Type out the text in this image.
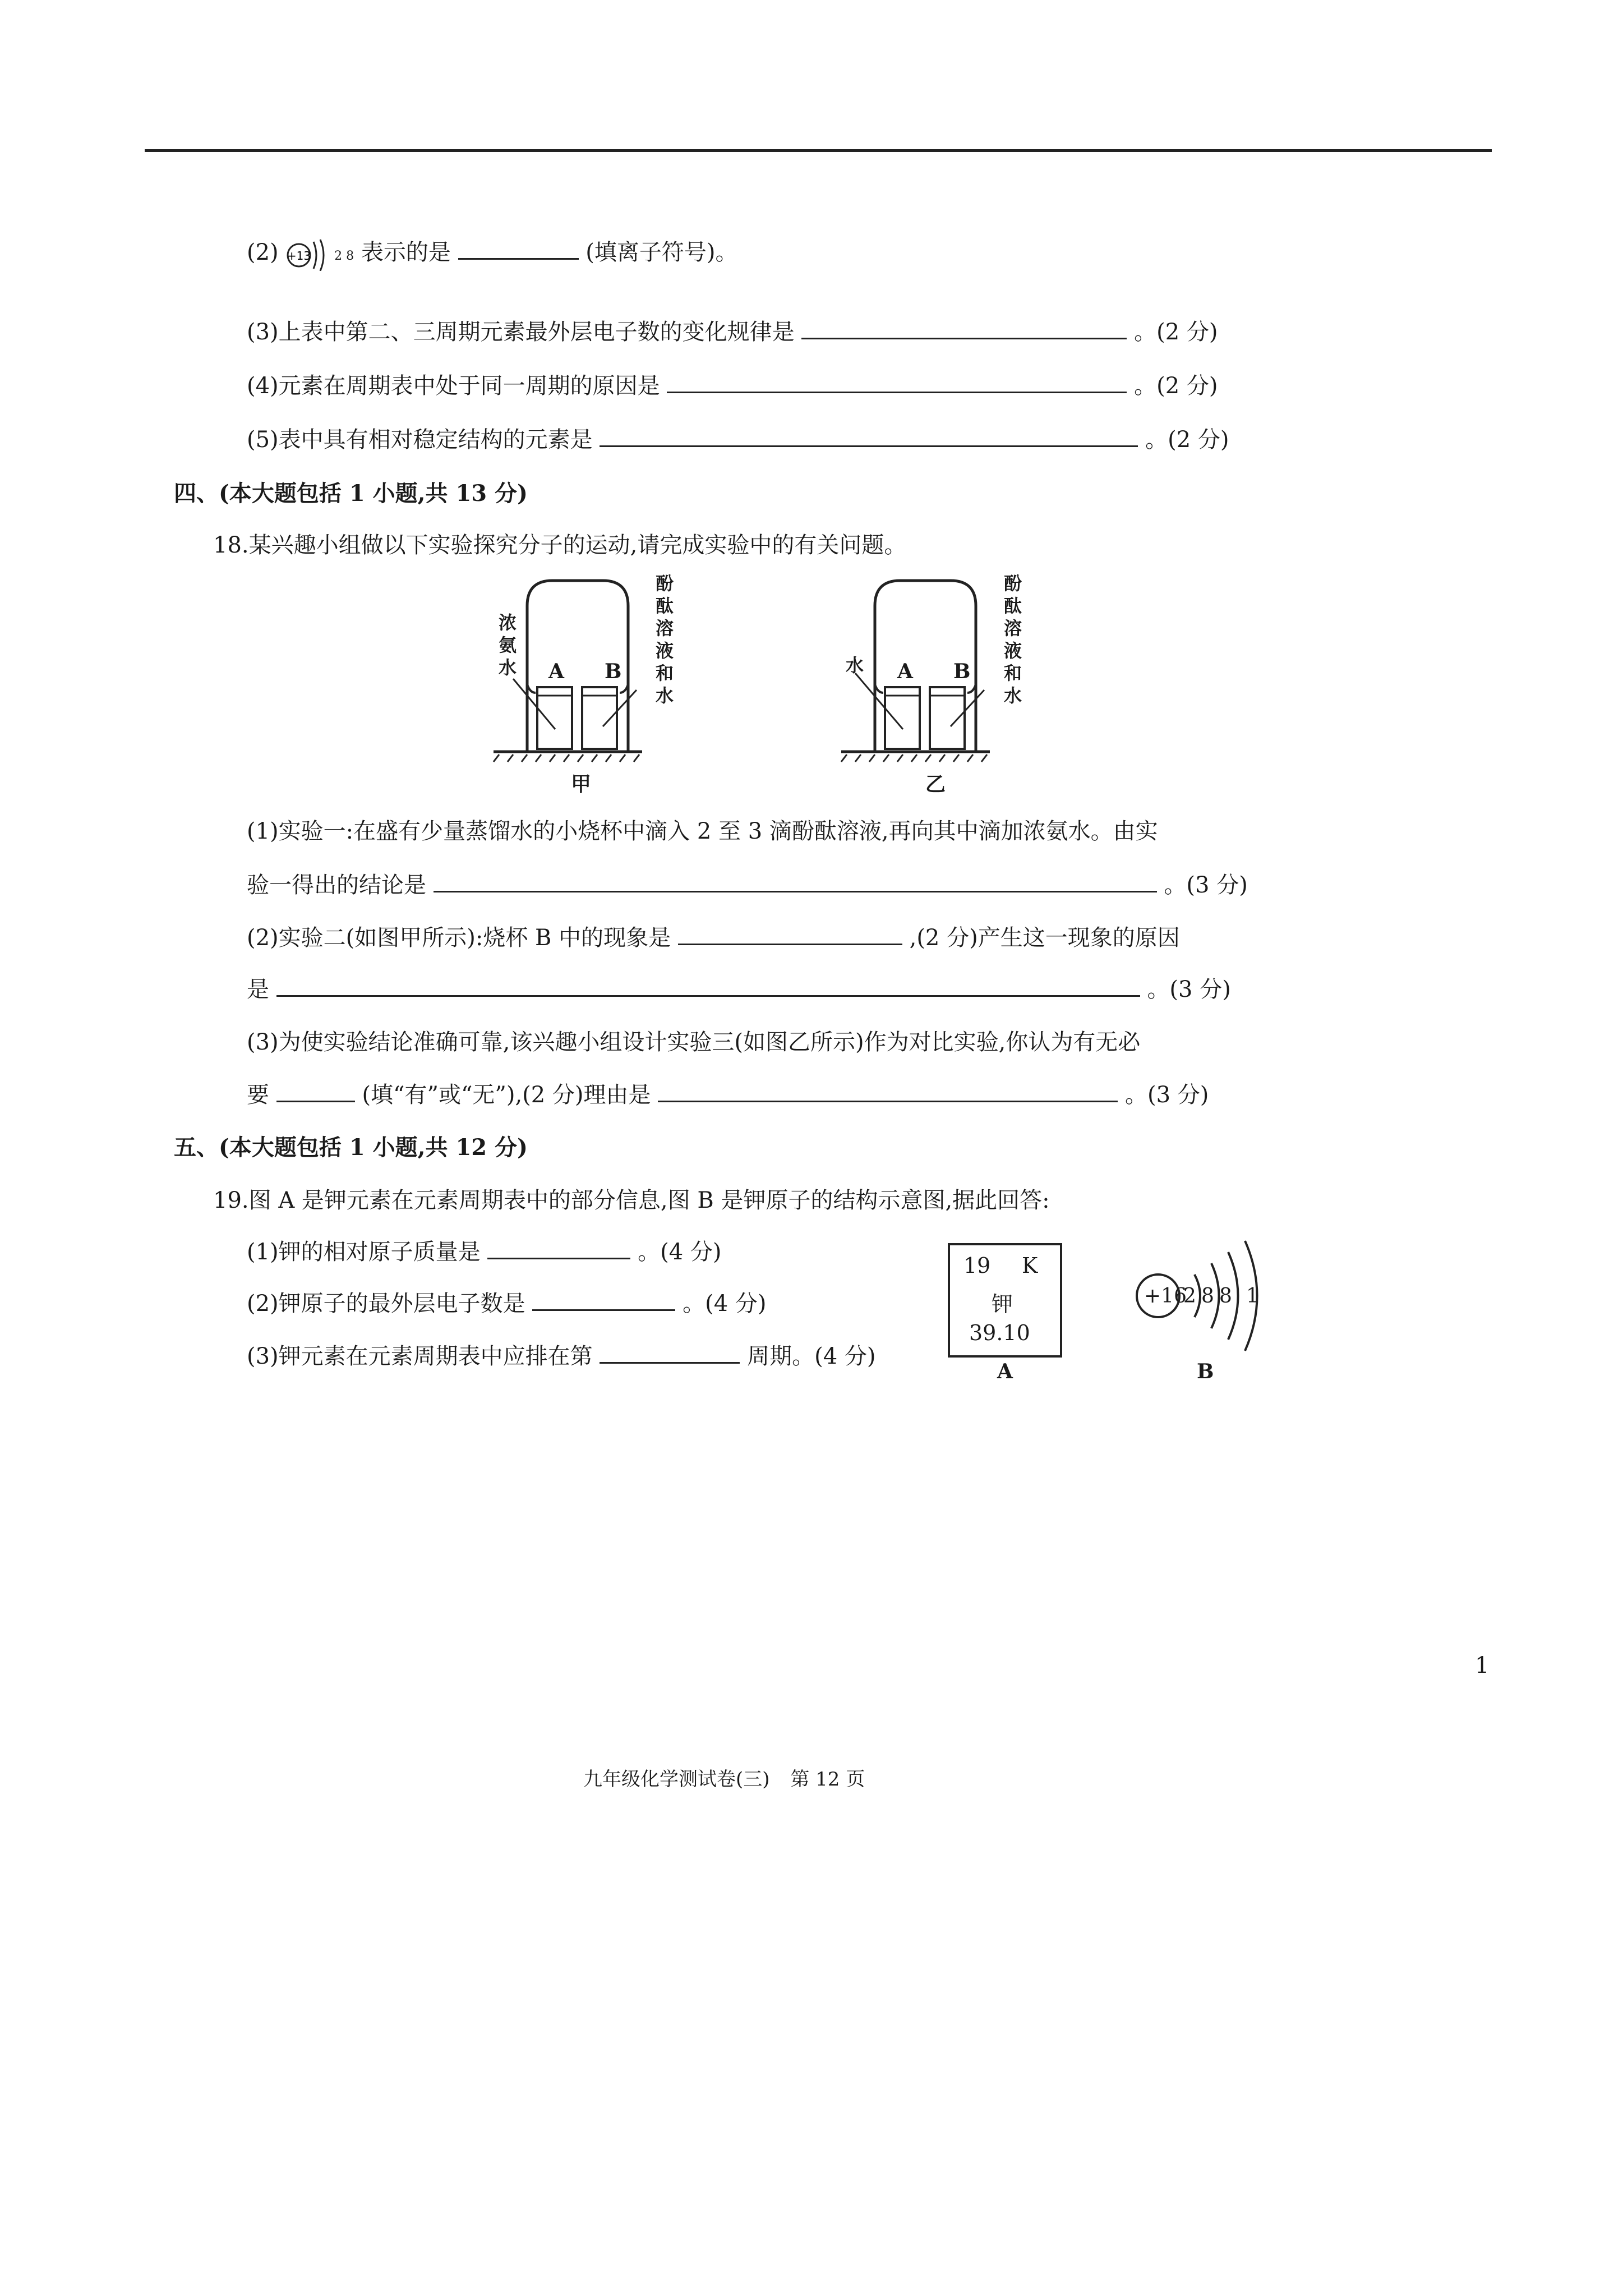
(2) +13 2 8 表示的是	(填离子符号)。
(3)上表中第二、三周期元素最外层电子数的变化规律是	。(2 分)
(4)元素在周期表中处于同一周期的原因是	。(2 分)
(5)表中具有相对稳定结构的元素是	。(2 分)
四、(本大题包括 1 小题,共 13 分)
18.某兴趣小组做以下实验探究分子的运动,请完成实验中的有关问题。
浓
氨
水
酚
酞
溶
液
和
水
A B
甲
水
酚
酞
溶
液
和
水
A B
乙
(1)实验一:在盛有少量蒸馏水的小烧杯中滴入 2 至 3 滴酚酞溶液,再向其中滴加浓氨水。由实
验一得出的结论是	。(3 分)
(2)实验二(如图甲所示):烧杯 B 中的现象是	,(2 分)产生这一现象的原因
是	。(3 分)
(3)为使实验结论准确可靠,该兴趣小组设计实验三(如图乙所示)作为对比实验,你认为有无必
要	(填“有”或“无”),(2 分)理由是	。(3 分)
五、(本大题包括 1 小题,共 12 分)
19.图 A 是钾元素在元素周期表中的部分信息,图 B 是钾原子的结构示意图,据此回答:
(1)钾的相对原子质量是	。(4 分)
(2)钾原子的最外层电子数是	。(4 分)
(3)钾元素在元素周期表中应排在第	周期。(4 分)
19 K
钾
39.10
A
+16
2 8 8 1
B
九年级化学测试卷(三) 第 12 页
1
